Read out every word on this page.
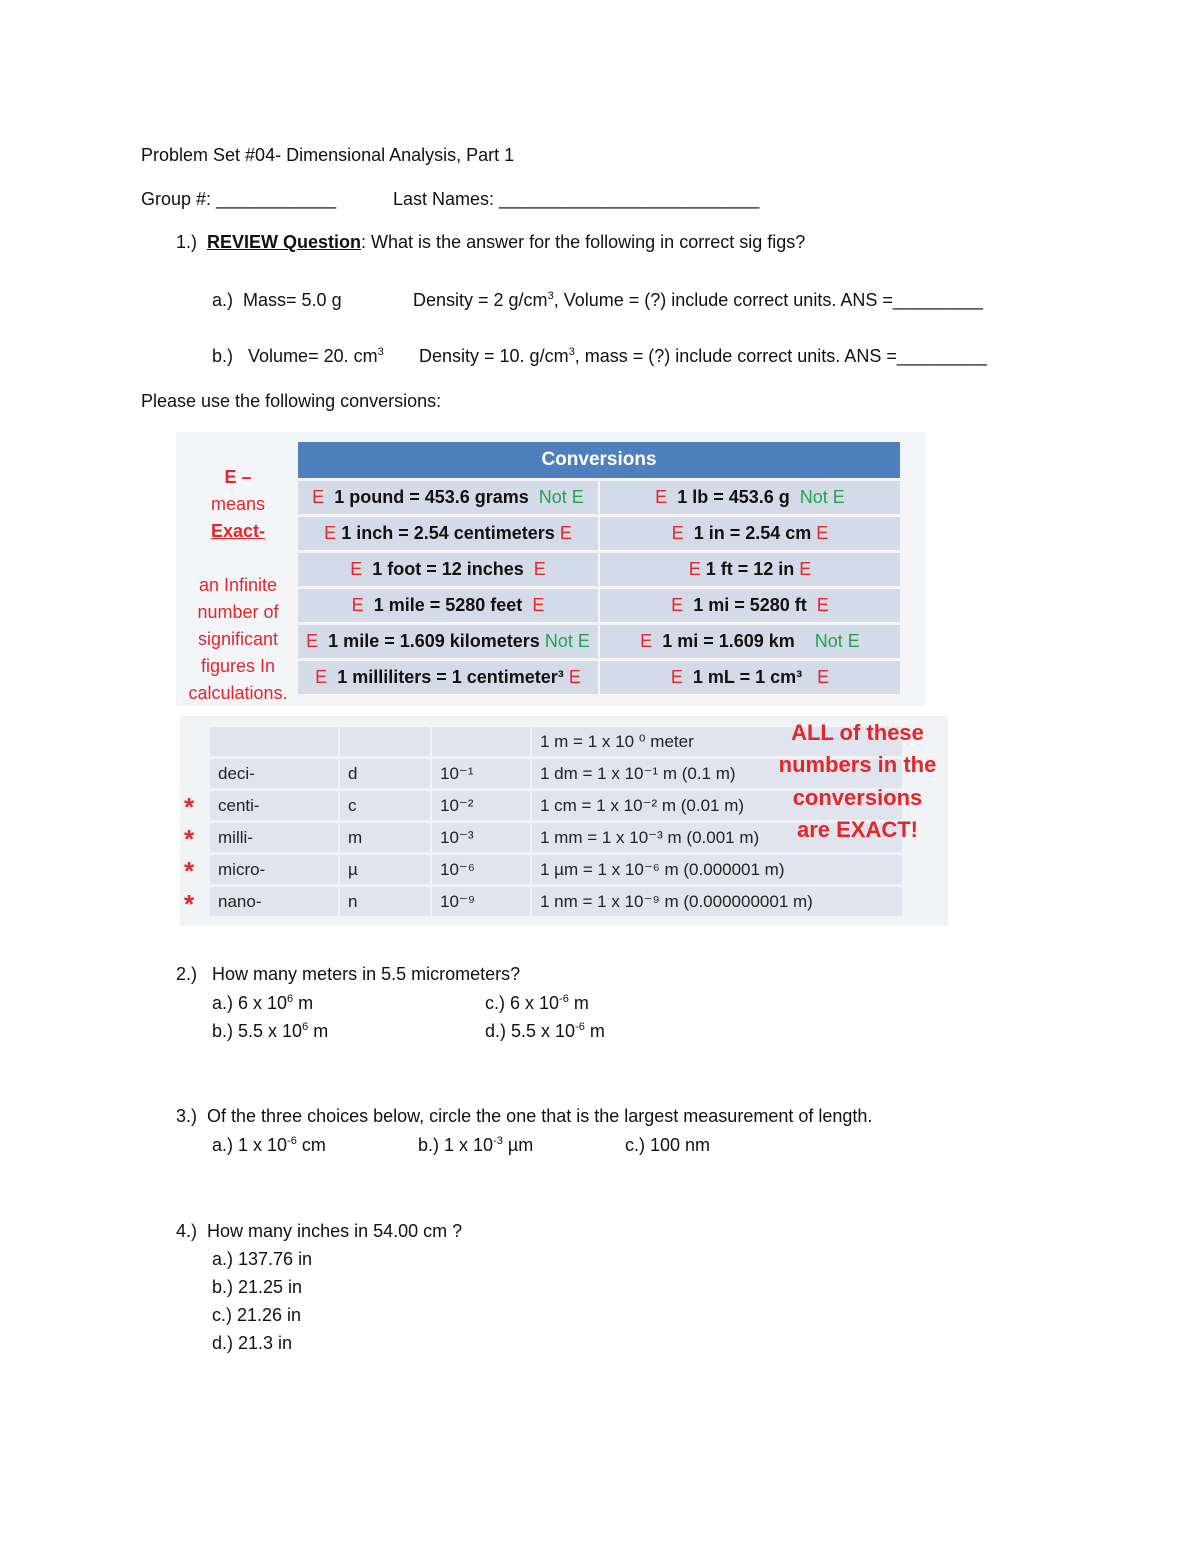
Problem Set #04- Dimensional Analysis, Part 1
Group #: ____________	Last Names: __________________________
1.) REVIEW Question: What is the answer for the following in correct sig figs?
a.) Mass= 5.0 g	Density = 2 $g/cm^3$, Volume = (?) include correct units. ANS =_________
b.) Volume= 20. $cm^3$ Density = 10. $g/cm^3$, mass = (?) include correct units. ANS =_________
Please use the following conversions:
E –
means
Exact-
an Infinite
number of
significant
figures In
calculations.
Conversions	
E 1 pound = 453.6 grams Not E	E 1 lb = 453.6 g Not E
E 1 inch = 2.54 centimeters E	E 1 in = 2.54 cm E
E 1 foot = 12 inches E	E 1 ft = 12 in E
E 1 mile = 5280 feet E	E 1 mi = 5280 ft E
E 1 mile = 1.609 kilometers Not E	E 1 mi = 1.609 km Not E
E 1 milliliters = 1 centimeter³ E	E 1 mL = 1 cm³ E
			1 m = 1 x 10 ⁰ meter
deci-	d	10⁻¹	1 dm = 1 x 10⁻¹ m (0.1 m)
centi-	c	10⁻²	1 cm = 1 x 10⁻² m (0.01 m)
milli-	m	10⁻³	1 mm = 1 x 10⁻³ m (0.001 m)
micro-	µ	10⁻⁶	1 µm = 1 x 10⁻⁶ m (0.000001 m)
nano-	n	10⁻⁹	1 nm = 1 x 10⁻⁹ m (0.000000001 m)
*
*
*
*
ALL of these
numbers in the
conversions
are EXACT!
2.) How many meters in 5.5 micrometers?
a.) 6 x $10^6$ m	c.) 6 x $10^{-6}$ m
b.) 5.5 x $10^6$ m	d.) 5.5 x $10^{-6}$ m
3.) Of the three choices below, circle the one that is the largest measurement of length.
a.) 1 x $10^{-6}$ cm	b.) 1 x $10^{-3}$ µm	c.) 100 nm
4.) How many inches in 54.00 cm ?
a.) 137.76 in
b.) 21.25 in
c.) 21.26 in
d.) 21.3 in
